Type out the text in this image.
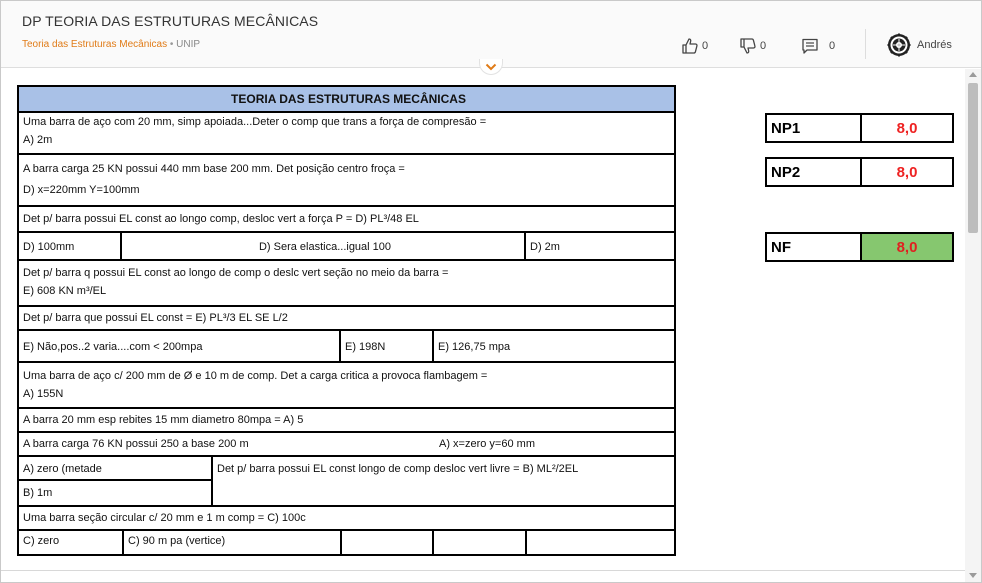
DP TEORIA DAS ESTRUTURAS MECÂNICAS
Teoria das Estruturas Mecânicas • UNIP	0	0	0	Andrés
TEORIA DAS ESTRUTURAS MECÂNICAS
Uma barra de aço com 20 mm, simp apoiada...Deter o comp que trans a força de compresão =
A) 2m
A barra carga 25 KN possui 440 mm base 200 mm. Det posição centro froça =
D) x=220mm Y=100mm
Det p/ barra possui EL const ao longo comp, desloc vert a força P = D) PL³/48 EL
D) 100mm	D) Sera elastica...igual 100	D) 2m
Det p/ barra q possui EL const ao longo de comp o deslc vert seção no meio da barra =
E) 608 KN m³/EL
Det p/ barra que possui EL const = E) PL³/3 EL SE L/2
E) Não,pos..2 varia....com < 200mpa	E) 198N	E) 126,75 mpa
Uma barra de aço c/ 200 mm de Ø e 10 m de comp. Det a carga critica a provoca flambagem =
A) 155N
A barra 20 mm esp rebites 15 mm diametro 80mpa = A) 5
A barra carga 76 KN possui 250 a base 200 m	A) x=zero y=60 mm
A) zero (metade
B) 1m
Det p/ barra possui EL const longo de comp desloc vert livre = B) ML²/2EL
Uma barra seção circular c/ 20 mm e 1 m comp = C) 100c
C) zero	C) 90 m pa (vertice)
NP1	8,0
NP2	8,0
NF	8,0
